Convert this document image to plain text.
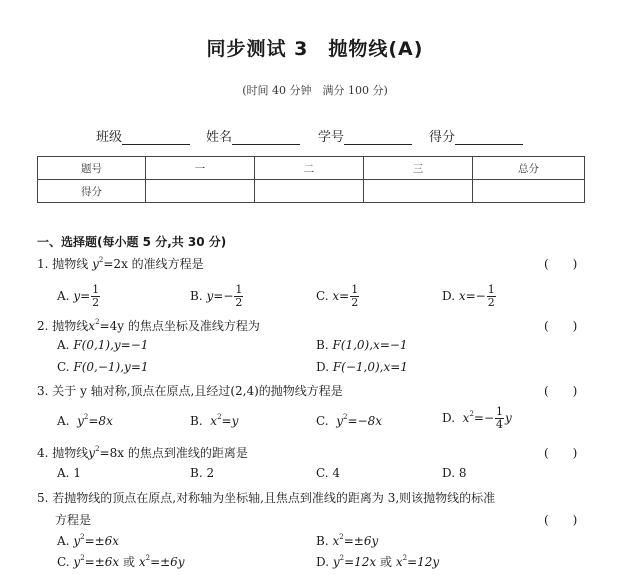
同步测试 3　抛物线(A)
(时间 40 分钟　满分 100 分)
班级	姓名	学号	得分
题号	一	二	三	总分
得分				
一、选择题(每小题 5 分,共 30 分)
1. 抛物线 $y^2=2x$ 的准线方程是	(　　)
A. $y= \frac{1}{2}$	B. $y=- \frac{1}{2}$	C. $x= \frac{1}{2}$	D. $x=- \frac{1}{2}$
2. 抛物线$x^2=4y$ 的焦点坐标及准线方程为	(　　)
A. F(0,1),y=−1	B. F(1,0),x=−1
C. F(0,−1),y=1	D. F(−1,0),x=1
3. 关于 y 轴对称,顶点在原点,且经过(2,4)的抛物线方程是	(　　)
A. $y^2=8x$	B. $x^2=y$	C. $y^2=-8x$	D. $x^2=- \frac{1}{4}$ y
4. 抛物线$y^2=8x$ 的焦点到准线的距离是	(　　)
A. 1	B. 2	C. 4	D. 8
5. 若抛物线的顶点在原点,对称轴为坐标轴,且焦点到准线的距离为 3,则该抛物线的标准
方程是	(　　)
A. $y^2=\pm 6x$	B. $x^2=\pm 6y$
C. $y^2=\pm 6x$ 或 $x^2=\pm 6y$	D. $y^2=12x$ 或 $x^2=12y$
